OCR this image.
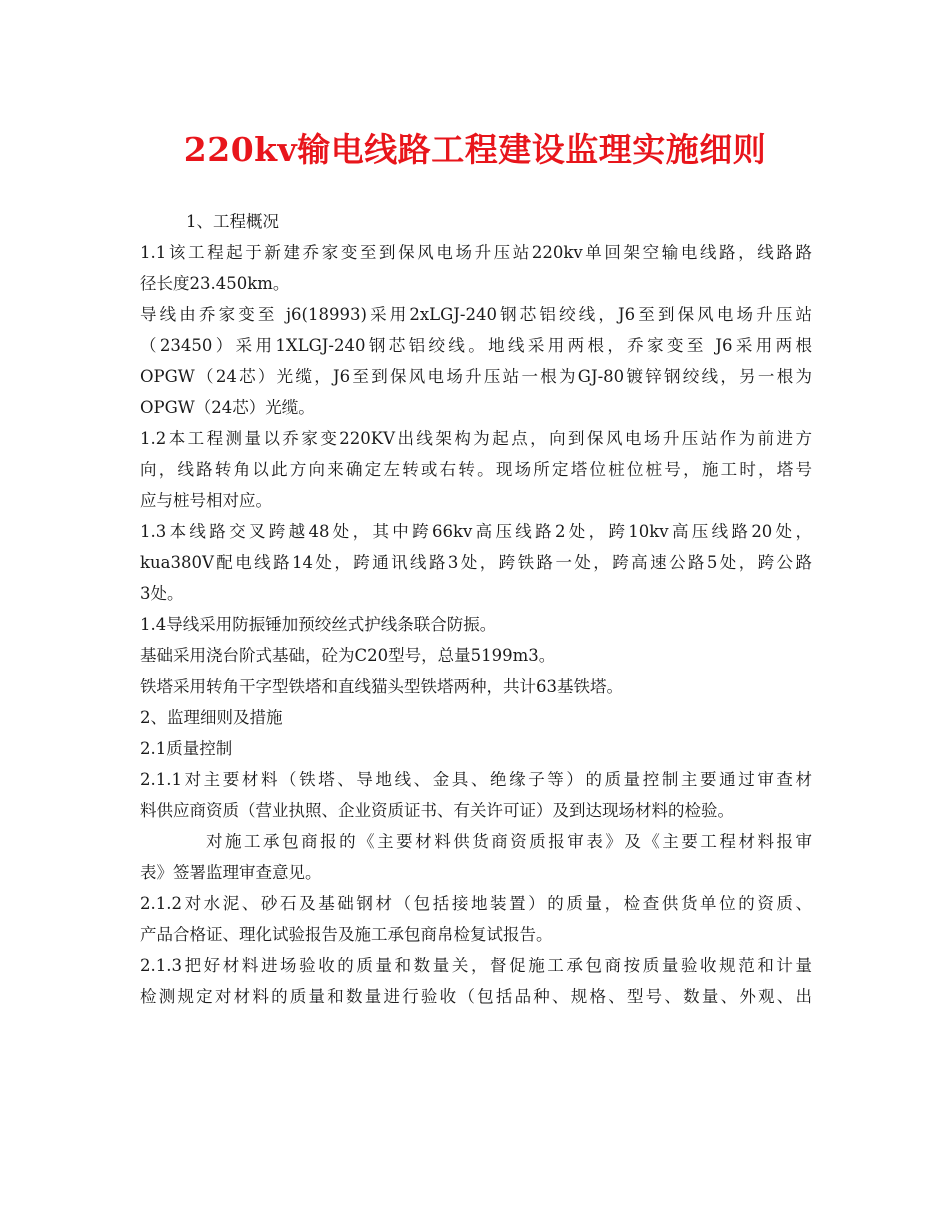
220kv输电线路工程建设监理实施细则
1、工程概况
1.1该工程起于新建乔家变至到保风电场升压站220kv单回架空输电线路，线路路
径长度23.450km。
导线由乔家变至 j6(18993)采用2xLGJ-240钢芯铝绞线，J6至到保风电场升压站
（23450）采用1XLGJ-240钢芯铝绞线。地线采用两根，乔家变至 J6采用两根
OPGW（24芯）光缆，J6至到保风电场升压站一根为GJ-80镀锌钢绞线，另一根为
OPGW（24芯）光缆。
1.2本工程测量以乔家变220KV出线架构为起点，向到保风电场升压站作为前进方
向，线路转角以此方向来确定左转或右转。现场所定塔位桩位桩号，施工时，塔号
应与桩号相对应。
1.3本线路交叉跨越48处，其中跨66kv高压线路2处，跨10kv高压线路20处，
kua380V配电线路14处，跨通讯线路3处，跨铁路一处，跨高速公路5处，跨公路
3处。
1.4导线采用防振锤加预绞丝式护线条联合防振。
基础采用浇台阶式基础，砼为C20型号，总量5199m3。
铁塔采用转角干字型铁塔和直线猫头型铁塔两种，共计63基铁塔。
2、监理细则及措施
2.1质量控制
2.1.1对主要材料（铁塔、导地线、金具、绝缘子等）的质量控制主要通过审查材
料供应商资质（营业执照、企业资质证书、有关许可证）及到达现场材料的检验。
对施工承包商报的《主要材料供货商资质报审表》及《主要工程材料报审
表》签署监理审查意见。
2.1.2对水泥、砂石及基础钢材（包括接地装置）的质量，检查供货单位的资质、
产品合格证、理化试验报告及施工承包商帛检复试报告。
2.1.3把好材料进场验收的质量和数量关，督促施工承包商按质量验收规范和计量
检测规定对材料的质量和数量进行验收（包括品种、规格、型号、数量、外观、出
